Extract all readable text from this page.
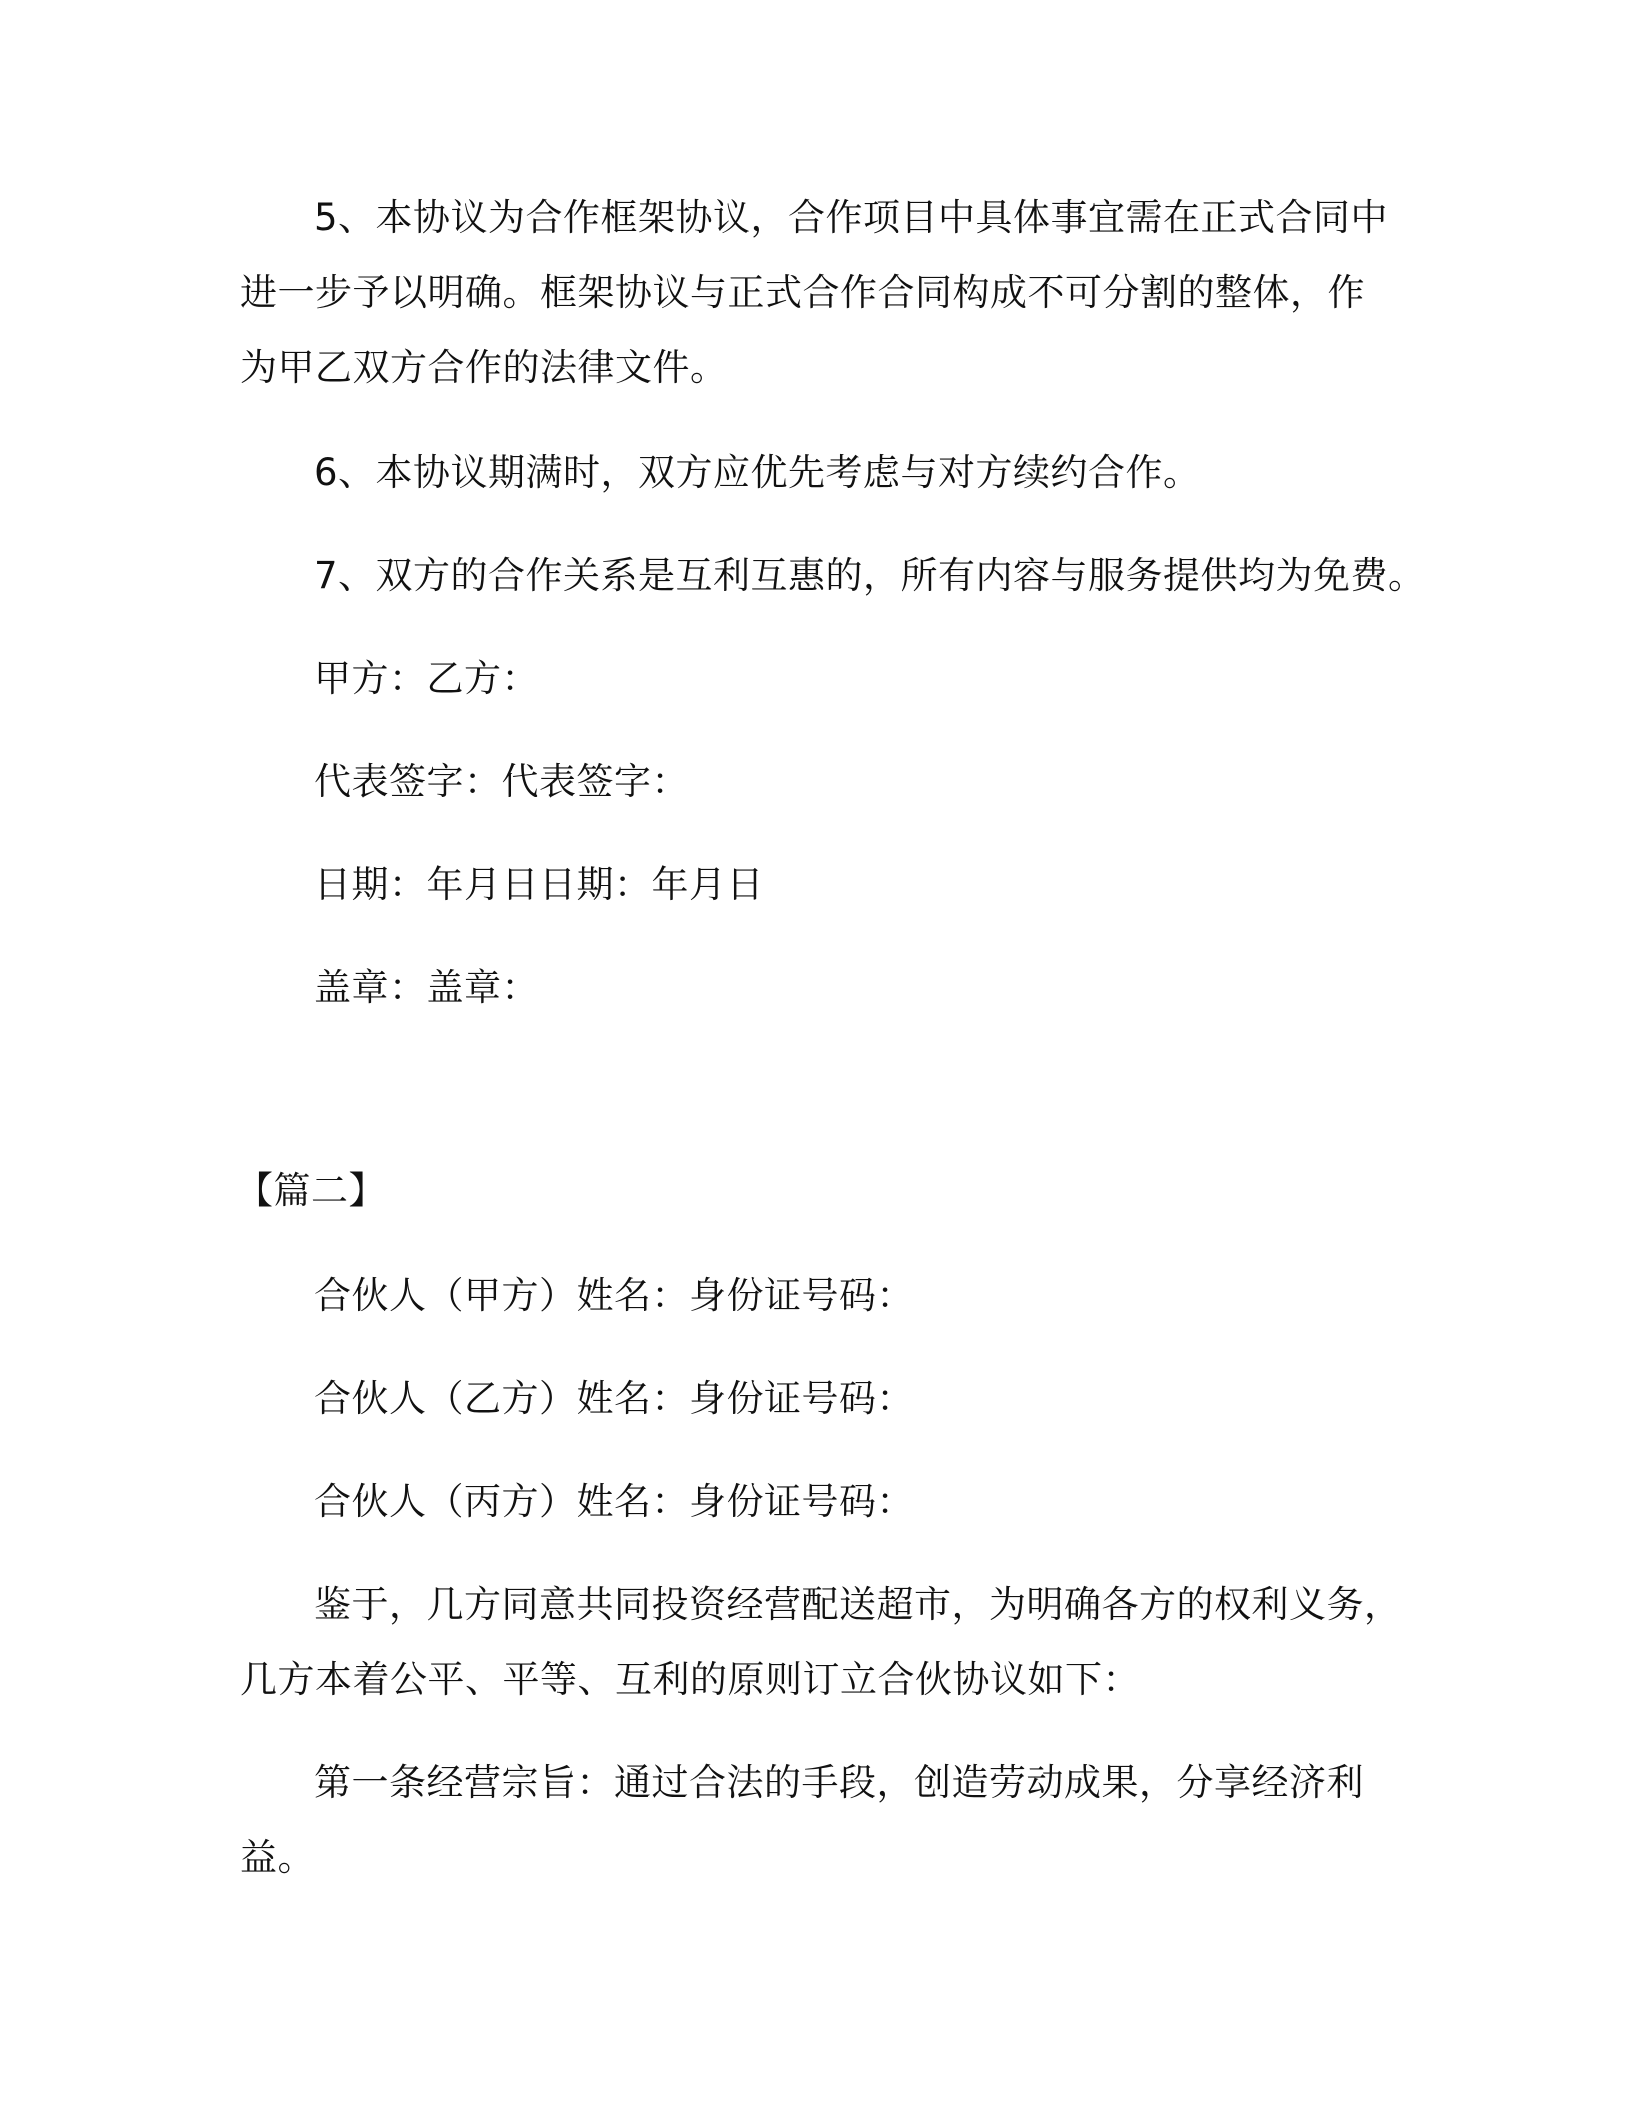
5、本协议为合作框架协议，合作项目中具体事宜需在正式合同中

进一步予以明确。框架协议与正式合作合同构成不可分割的整体，作

为甲乙双方合作的法律文件。

6、本协议期满时，双方应优先考虑与对方续约合作。

7、双方的合作关系是互利互惠的，所有内容与服务提供均为免费。

甲方：乙方：

代表签字：代表签字：

日期：年月日日期：年月日

盖章：盖章：

【篇二】

合伙人（甲方）姓名：身份证号码：

合伙人（乙方）姓名：身份证号码：

合伙人（丙方）姓名：身份证号码：

鉴于，几方同意共同投资经营配送超市，为明确各方的权利义务，

几方本着公平、平等、互利的原则订立合伙协议如下：

第一条经营宗旨：通过合法的手段，创造劳动成果，分享经济利

益。
